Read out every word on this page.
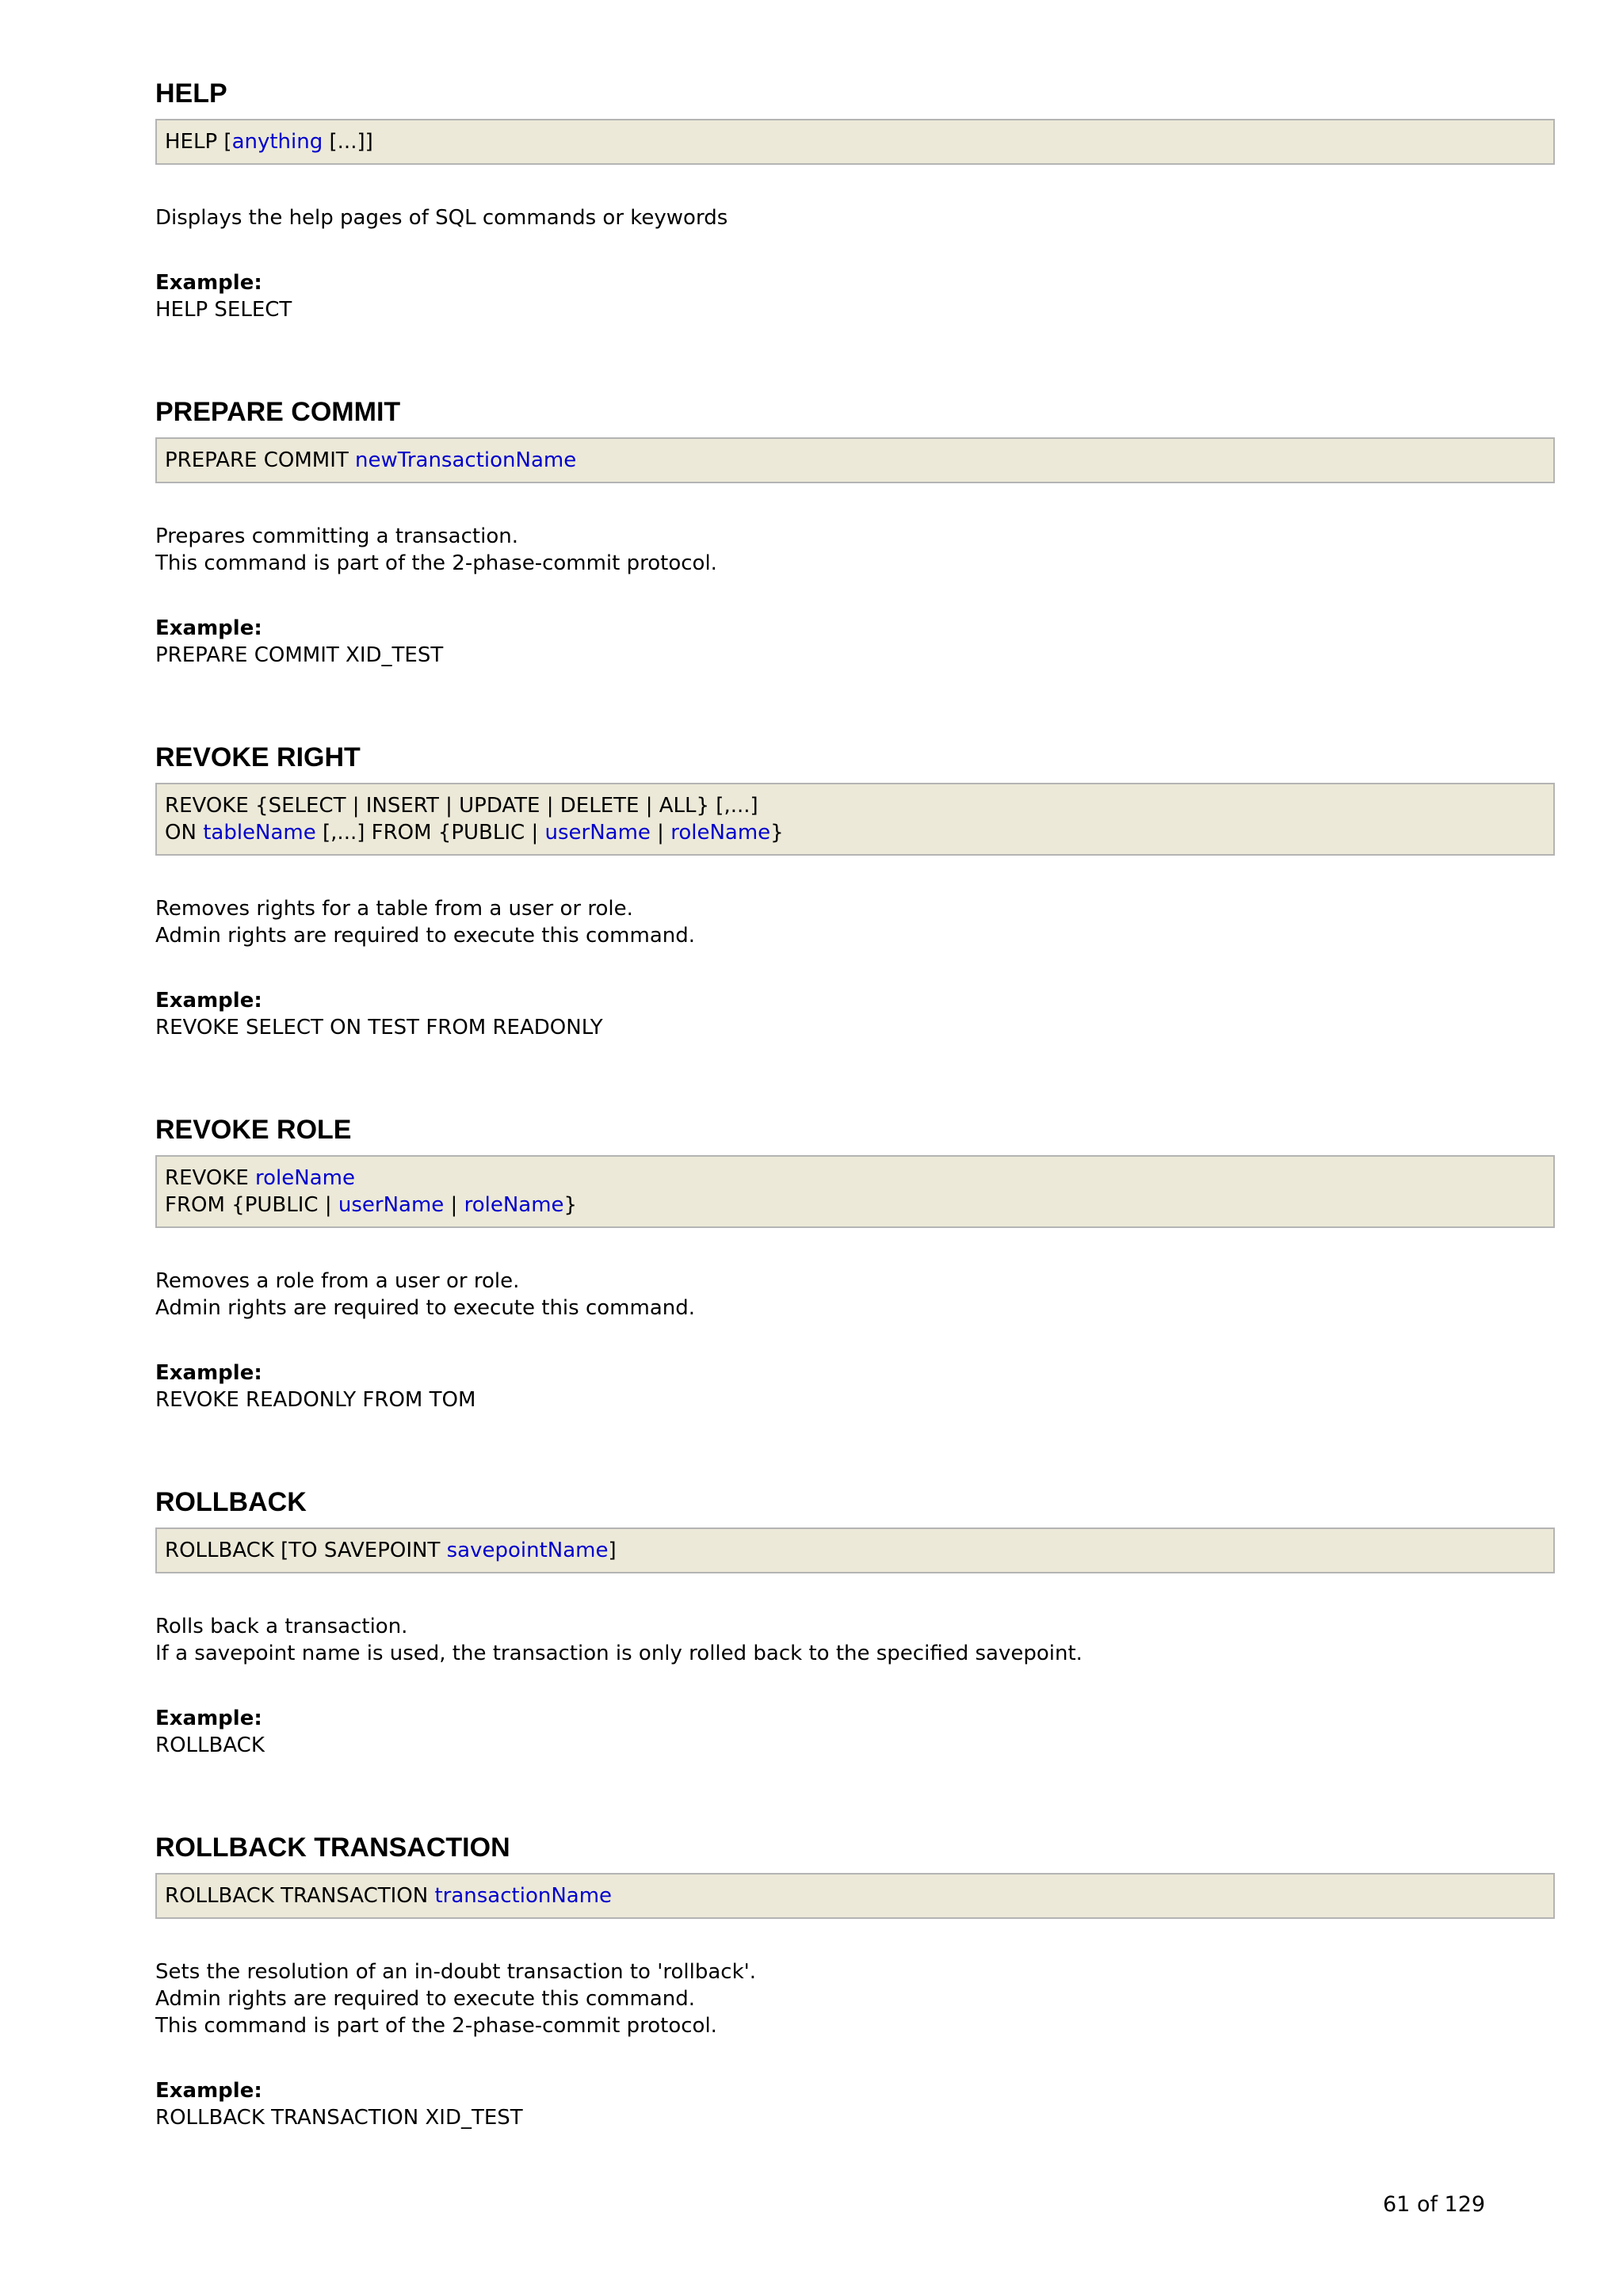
HELP
HELP [anything [...]]
Displays the help pages of SQL commands or keywords
Example:
HELP SELECT
PREPARE COMMIT
PREPARE COMMIT newTransactionName
Prepares committing a transaction.
This command is part of the 2-phase-commit protocol.
Example:
PREPARE COMMIT XID_TEST
REVOKE RIGHT
REVOKE {SELECT | INSERT | UPDATE | DELETE | ALL} [,...]
ON tableName [,...] FROM {PUBLIC | userName | roleName}
Removes rights for a table from a user or role.
Admin rights are required to execute this command.
Example:
REVOKE SELECT ON TEST FROM READONLY
REVOKE ROLE
REVOKE roleName
FROM {PUBLIC | userName | roleName}
Removes a role from a user or role.
Admin rights are required to execute this command.
Example:
REVOKE READONLY FROM TOM
ROLLBACK
ROLLBACK [TO SAVEPOINT savepointName]
Rolls back a transaction.
If a savepoint name is used, the transaction is only rolled back to the specified savepoint.
Example:
ROLLBACK
ROLLBACK TRANSACTION
ROLLBACK TRANSACTION transactionName
Sets the resolution of an in-doubt transaction to 'rollback'.
Admin rights are required to execute this command.
This command is part of the 2-phase-commit protocol.
Example:
ROLLBACK TRANSACTION XID_TEST
61 of 129
